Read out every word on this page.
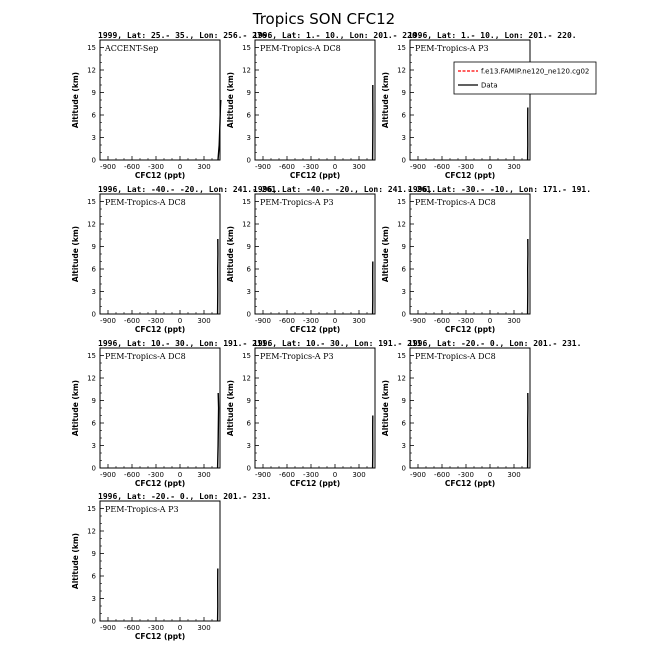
Tropics SON CFC12
1999, Lat: 25.- 35., Lon: 256.- 276.
ACCENT-Sep
-900 -600 -300 0 300
0
3
6
9
12
15
CFC12 (ppt)
Altitude (km)
1996, Lat: 1.- 10., Lon: 201.- 220.
PEM-Tropics-A DC8
-900 -600 -300 0 300
0
3
6
9
12
15
CFC12 (ppt)
Altitude (km)
1996, Lat: 1.- 10., Lon: 201.- 220.
PEM-Tropics-A P3
-900 -600 -300 0 300
0
3
6
9
12
15
CFC12 (ppt)
Altitude (km)
1996, Lat: -40.- -20., Lon: 241.- 261.
PEM-Tropics-A DC8
-900 -600 -300 0 300
0
3
6
9
12
15
CFC12 (ppt)
Altitude (km)
1996, Lat: -40.- -20., Lon: 241.- 261.
PEM-Tropics-A P3
-900 -600 -300 0 300
0
3
6
9
12
15
CFC12 (ppt)
Altitude (km)
1996, Lat: -30.- -10., Lon: 171.- 191.
PEM-Tropics-A DC8
-900 -600 -300 0 300
0
3
6
9
12
15
CFC12 (ppt)
Altitude (km)
1996, Lat: 10.- 30., Lon: 191.- 211.
PEM-Tropics-A DC8
-900 -600 -300 0 300
0
3
6
9
12
15
CFC12 (ppt)
Altitude (km)
1996, Lat: 10.- 30., Lon: 191.- 211.
PEM-Tropics-A P3
-900 -600 -300 0 300
0
3
6
9
12
15
CFC12 (ppt)
Altitude (km)
1996, Lat: -20.- 0., Lon: 201.- 231.
PEM-Tropics-A DC8
-900 -600 -300 0 300
0
3
6
9
12
15
CFC12 (ppt)
Altitude (km)
1996, Lat: -20.- 0., Lon: 201.- 231.
PEM-Tropics-A P3
-900 -600 -300 0 300
0
3
6
9
12
15
CFC12 (ppt)
Altitude (km)
f.e13.FAMIP.ne120_ne120.cg02
Data
